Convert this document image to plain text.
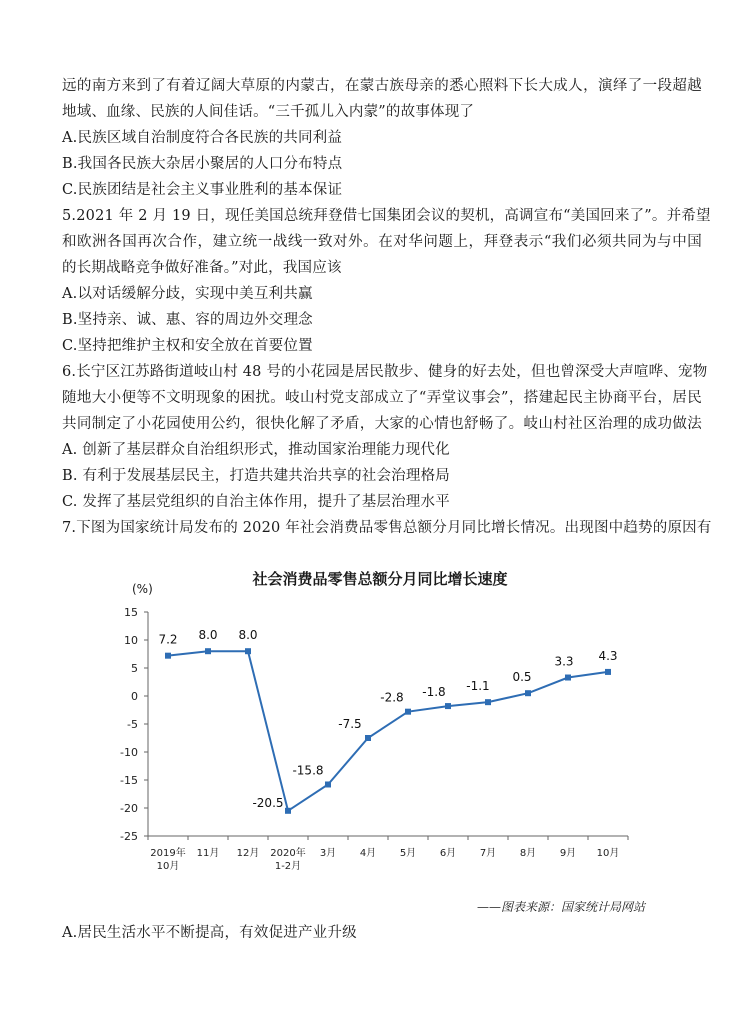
远的南方来到了有着辽阔大草原的内蒙古，在蒙古族母亲的悉心照料下长大成人，演绎了一段超越
地域、血缘、民族的人间佳话。“三千孤儿入内蒙”的故事体现了
A.民族区域自治制度符合各民族的共同利益
B.我国各民族大杂居小聚居的人口分布特点
C.民族团结是社会主义事业胜利的基本保证
5.2021 年 2 月 19 日，现任美国总统拜登借七国集团会议的契机，高调宣布“美国回来了”。并希望
和欧洲各国再次合作，建立统一战线一致对外。在对华问题上，拜登表示“我们必须共同为与中国
的长期战略竞争做好准备。”对此，我国应该
A.以对话缓解分歧，实现中美互利共赢
B.坚持亲、诚、惠、容的周边外交理念
C.坚持把维护主权和安全放在首要位置
6.长宁区江苏路街道岐山村 48 号的小花园是居民散步、健身的好去处，但也曾深受大声喧哗、宠物
随地大小便等不文明现象的困扰。岐山村党支部成立了“弄堂议事会”，搭建起民主协商平台，居民
共同制定了小花园使用公约，很快化解了矛盾，大家的心情也舒畅了。岐山村社区治理的成功做法
A. 创新了基层群众自治组织形式，推动国家治理能力现代化
B. 有利于发展基层民主，打造共建共治共享的社会治理格局
C. 发挥了基层党组织的自治主体作用，提升了基层治理水平
7.下图为国家统计局发布的 2020 年社会消费品零售总额分月同比增长情况。出现图中趋势的原因有
社会消费品零售总额分月同比增长速度
(%)
15
10
5
0
-5
-10
-15
-20
-25
2019年
10月
11月 12月 2020年
1-2月
3月 4月 5月 6月 7月 8月 9月 10月
7.2 8.0 8.0
-20.5
-15.8
-7.5
-2.8 -1.8 -1.1
0.5
3.3 4.3
——图表来源：国家统计局网站
A.居民生活水平不断提高，有效促进产业升级
